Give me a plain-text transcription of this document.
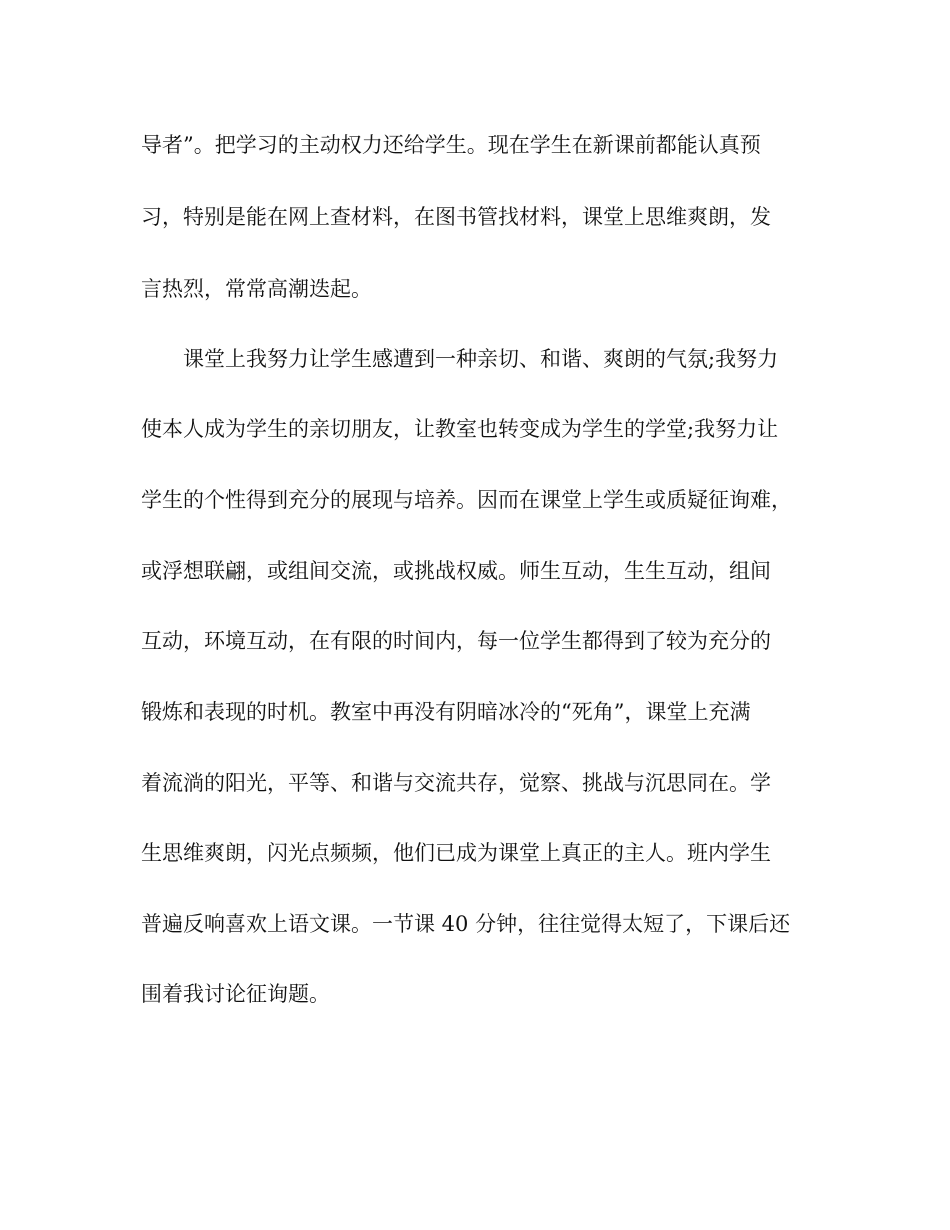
导者”。把学习的主动权力还给学生。现在学生在新课前都能认真预
习，特别是能在网上查材料，在图书管找材料，课堂上思维爽朗，发
言热烈，常常高潮迭起。
课堂上我努力让学生感遭到一种亲切、和谐、爽朗的气氛;我努力
使本人成为学生的亲切朋友，让教室也转变成为学生的学堂;我努力让
学生的个性得到充分的展现与培养。因而在课堂上学生或质疑征询难，
或浮想联翩，或组间交流，或挑战权威。师生互动，生生互动，组间
互动，环境互动，在有限的时间内，每一位学生都得到了较为充分的
锻炼和表现的时机。教室中再没有阴暗冰冷的“死角”，课堂上充满
着流淌的阳光，平等、和谐与交流共存，觉察、挑战与沉思同在。学
生思维爽朗，闪光点频频，他们已成为课堂上真正的主人。班内学生
普遍反响喜欢上语文课。一节课 40 分钟，往往觉得太短了，下课后还
围着我讨论征询题。
